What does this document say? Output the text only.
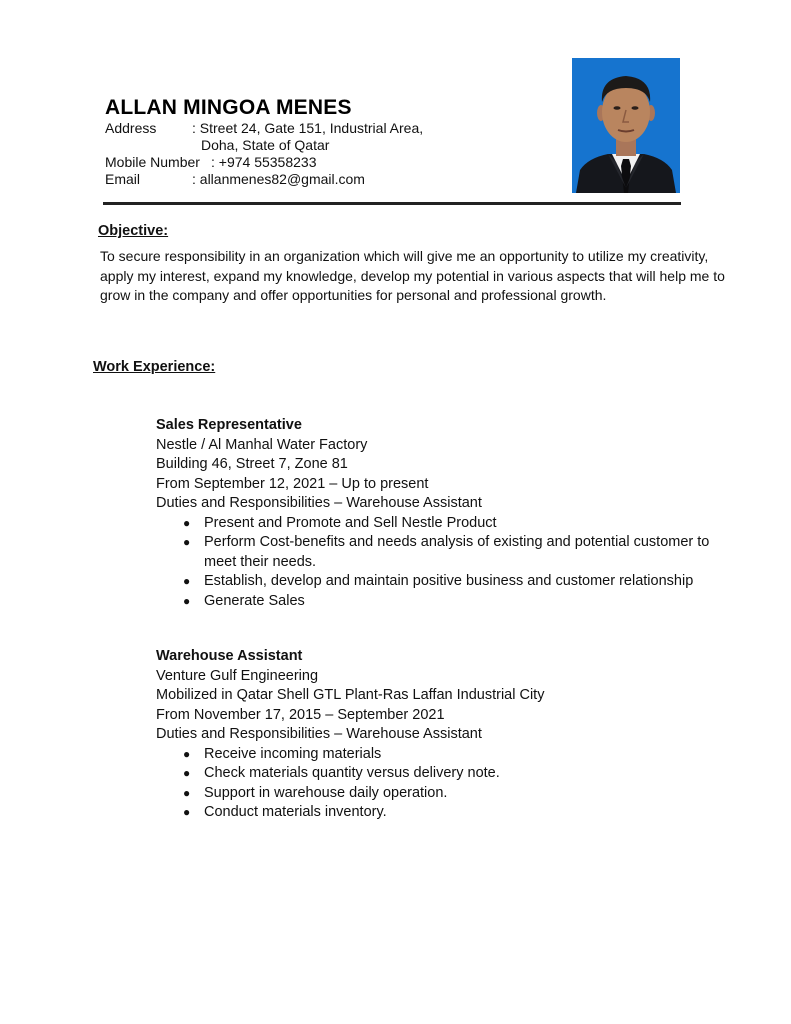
ALLAN MINGOA MENES
Address	: Street 24, Gate 151, Industrial Area,
Doha, State of Qatar
Mobile Number : +974 55358233
Email	: allanmenes82@gmail.com
Objective:

To secure responsibility in an organization which will give me an opportunity to utilize my creativity, apply my interest, expand my knowledge, develop my potential in various aspects that will help me to grow in the company and offer opportunities for personal and professional growth.

Work Experience:

Sales Representative

Nestle / Al Manhal Water Factory

Building 46, Street 7, Zone 81

From September 12, 2021 – Up to present

Duties and Responsibilities – Warehouse Assistant

● Present and Promote and Sell Nestle Product
● Perform Cost-benefits and needs analysis of existing and potential customer to meet their needs.
● Establish, develop and maintain positive business and customer relationship
● Generate Sales

Warehouse Assistant

Venture Gulf Engineering

Mobilized in Qatar Shell GTL Plant-Ras Laffan Industrial City

From November 17, 2015 – September 2021

Duties and Responsibilities – Warehouse Assistant

● Receive incoming materials
● Check materials quantity versus delivery note.
● Support in warehouse daily operation.
● Conduct materials inventory.
